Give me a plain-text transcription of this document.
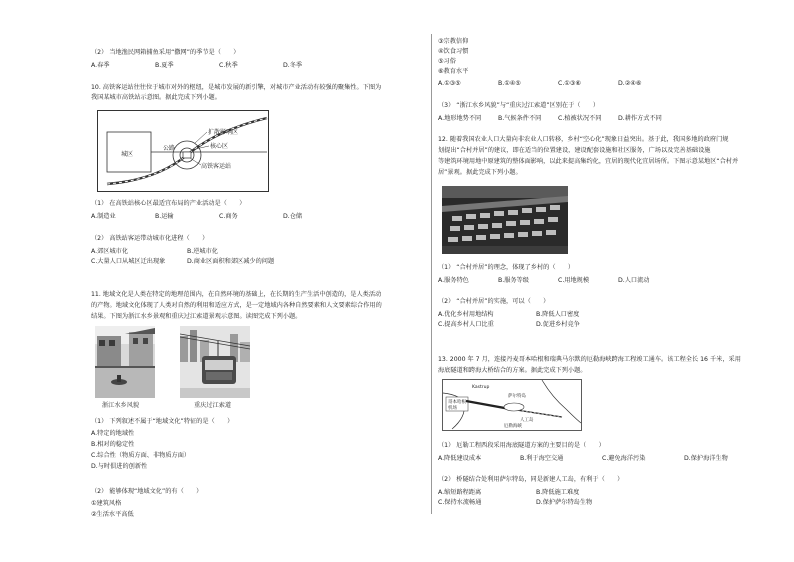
（2） 当地渔民网箱捕鱼采用“撒网”的季节是（　　）
A.春季	B.夏季	C.秋季	D.冬季
10. 高铁客运站往往位于城市对外的枢纽，是城市发展的新引擎，对城市产业活动有较强的聚集性。下图为
我国某城市高铁站示意图。据此完成下列小题。
城区
公路
扩散影响区
核心区
高铁客运站
（1） 在高铁站核心区最适宜布局的产业活动是（　　）
A.制造业	B.运输	C.商务	D.仓储
（2） 高铁站客运带动城市化进程（　　）
A.郊区城市化	B.逆城市化
C.大量人口从城区迁出现象	D.商业区面积和郊区减少的问题
11. 地域文化是人类在特定的地理范围内，在自然环境的基础上，在长期的生产生活中创造的，是人类活动
的产物。地域文化体现了人类对自然的利用和适应方式，是一定地域内各种自然要素和人文要素综合作用的
结果。下图为浙江水乡景观和重庆过江索道景观示意图。读图完成下列小题。
浙江水乡风貌	重庆过江索道
（1） 下列叙述不属于“地域文化”特征的是（　　）
A.特定的地域性
B.相对的稳定性
C.综合性（物质方面、非物质方面）
D.与时俱进的创新性
（2） 能够体现“地域文化”的有（　　）
①建筑风格
②生活水平高低
③宗教信仰
④饮食习惯
⑤习俗
⑥教育水平
A.①③⑤	B.①④⑤	C.①③⑥	D.②④⑥
（3） “浙江水乡风貌”与“重庆过江索道”区别在于（　　）
A.地形地势不同	B.气候条件不同	C.植被状况不同	D.耕作方式不同
12. 随着我国农业人口大量向非农业人口转移，乡村“空心化”现象日益突出。基于此，我国多地的政府门规
划提出“合村并居”的建议，即在适当的位置建设，建设配套设施和社区服务，广场以及完善基础设施
等建筑环境用地中原建筑的整体面影响，以此来提高集约化，宜居的现代化宜居场所。下图示意某地区“合村并
居”景观。据此完成下列小题。
（1） “合村并居”的理念，体现了乡村的（　　）
A.服务特色	B.服务等级	C.用地规模	D.人口流动
（2） “合村并居”的实施，可以（　　）
A.优化乡村用地结构	B.降低人口密度
C.提高乡村人口比重	D.促进乡村竞争
13. 2000 年 7 月，连接丹麦哥本哈根和瑞典马尔默的厄勒海峡跨海工程竣工通车。该工程全长 16 千米，采用
海底隧道和跨海大桥结合的方案。据此完成下列小题。
哥本哈根
机场
Kastrup
萨尔特岛
人工岛
厄勒海峡
（1） 厄勒工程西段采用海底隧道方案的主要目的是（　　）
A.降低建设成本	B.利于海空交通	C.避免海洋污染	D.保护海洋生物
（2） 桥隧结合处利用萨尔特岛，同是新建人工岛，有利于（　　）
A.缩短路程距离	B.降低施工难度
C.保持水流畅通	D.保护萨尔特岛生物
